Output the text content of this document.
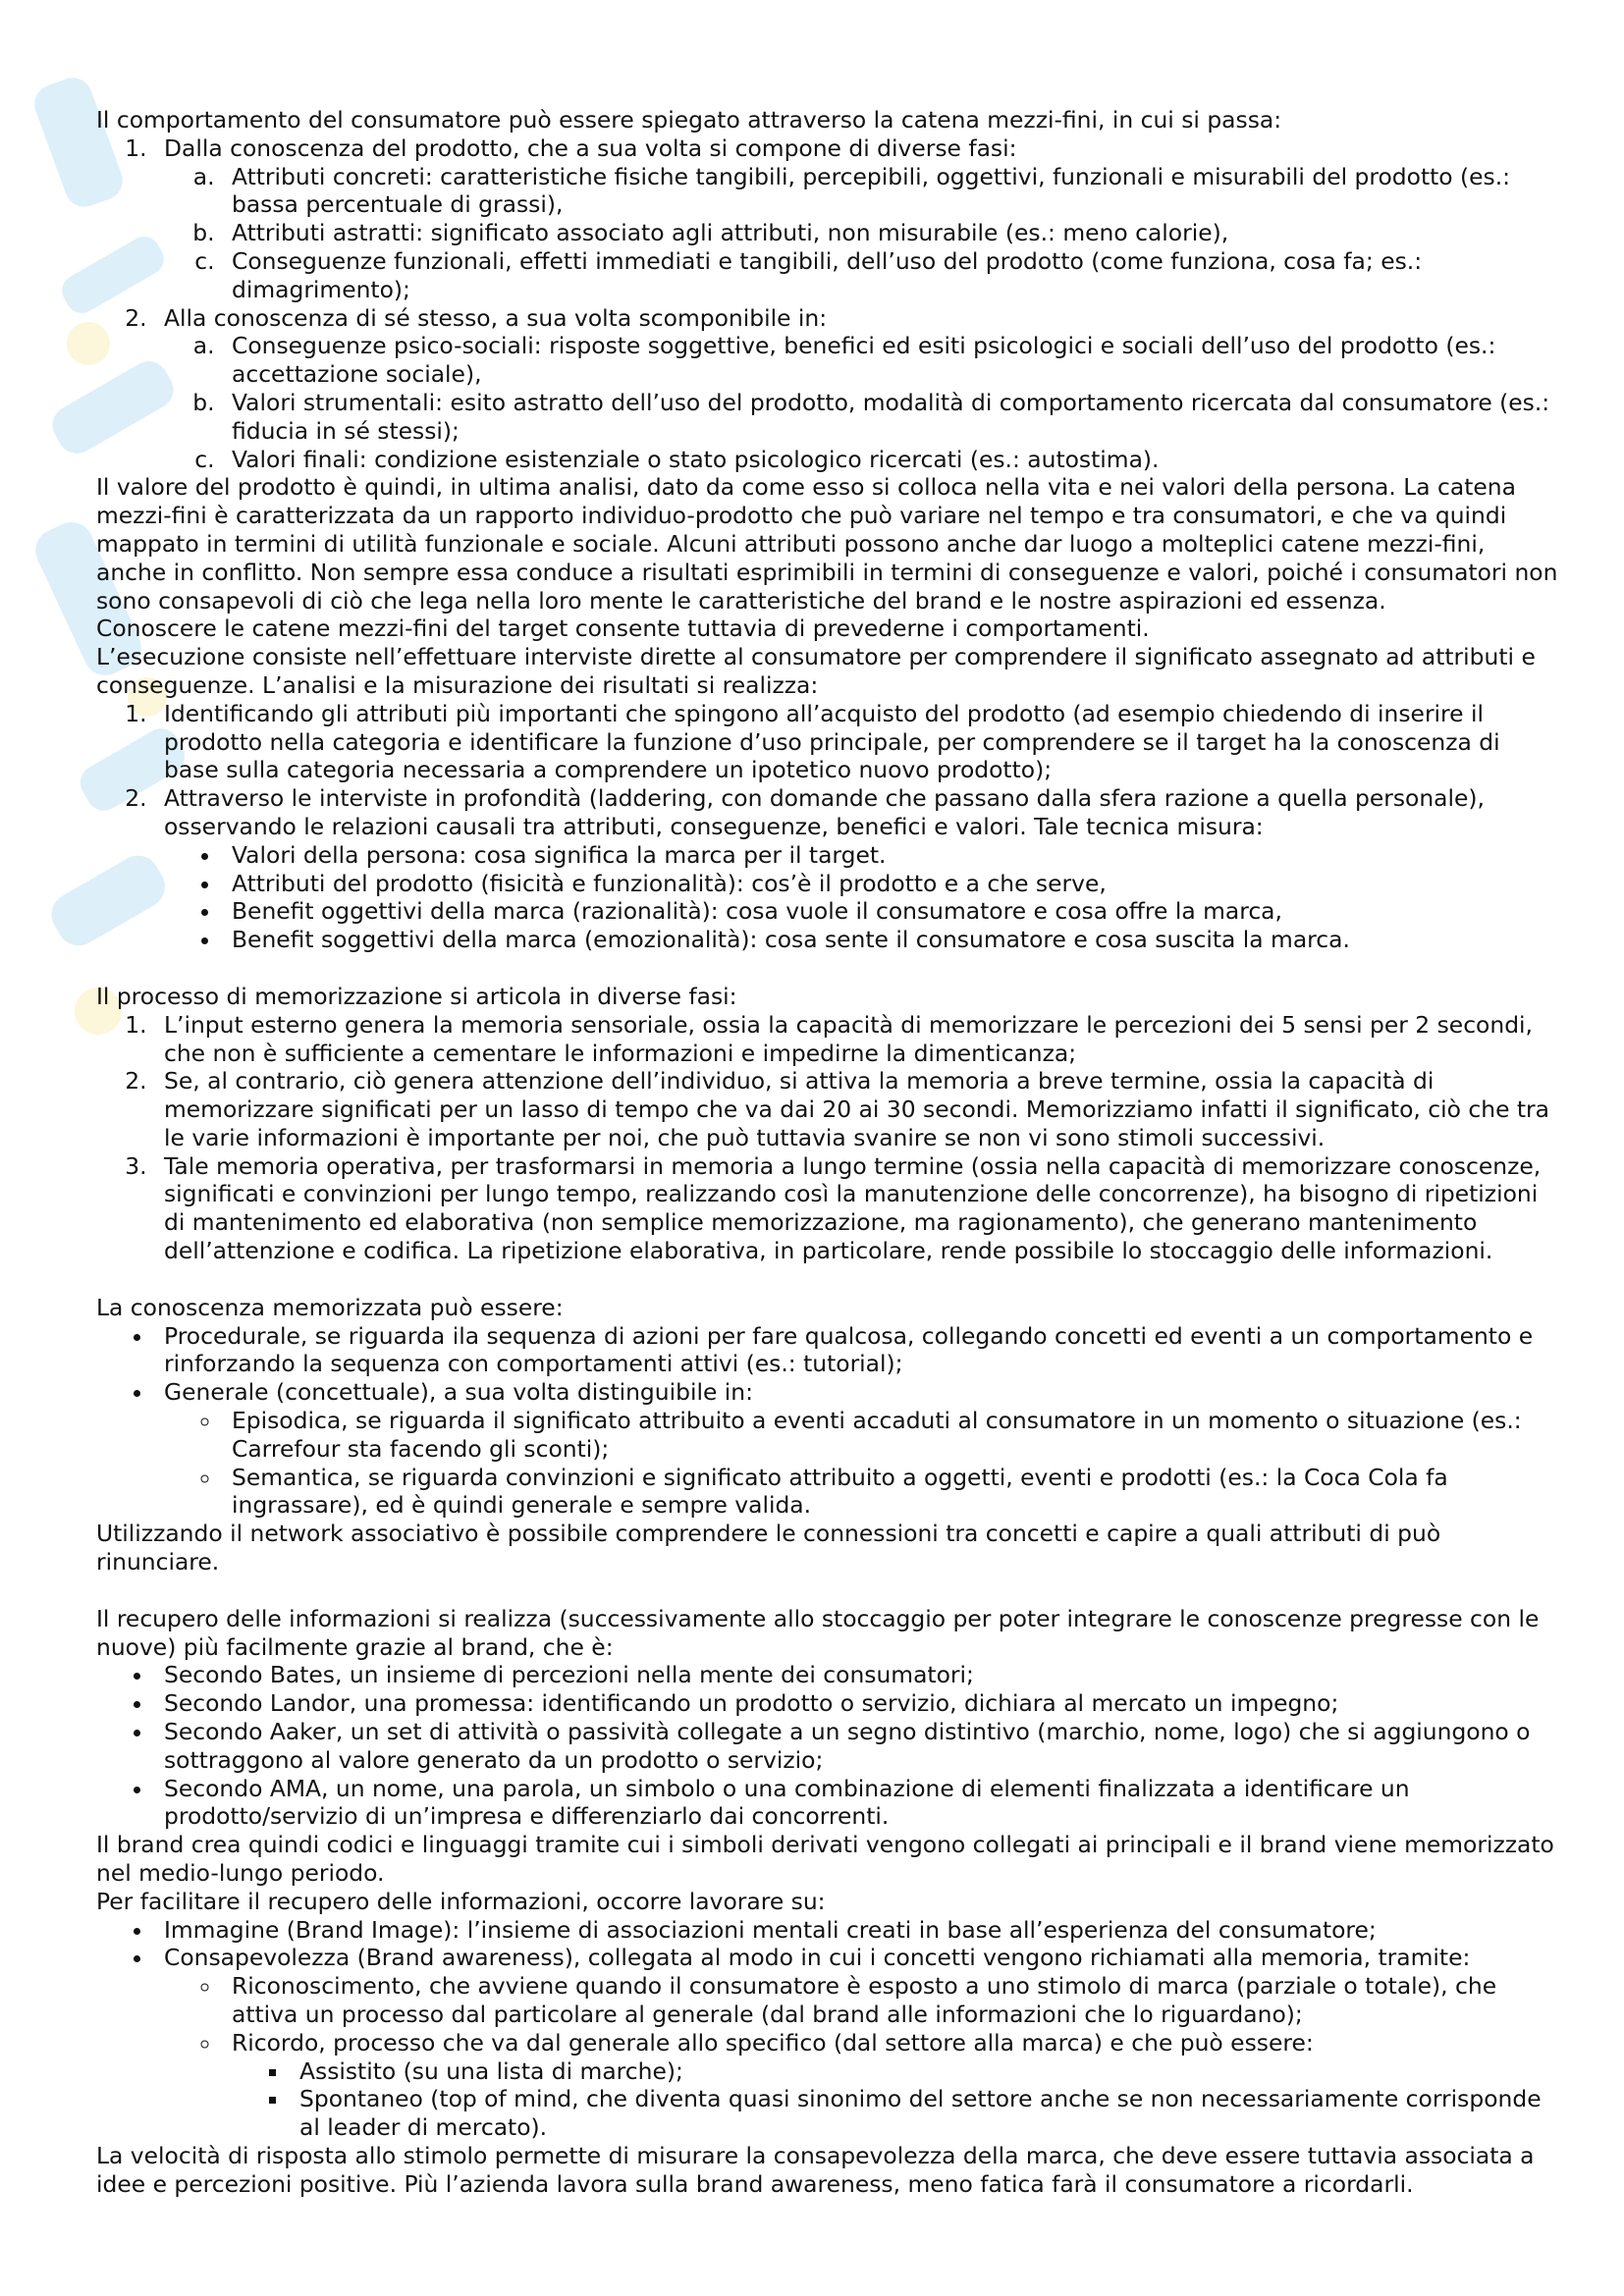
Il comportamento del consumatore può essere spiegato attraverso la catena mezzi-fini, in cui si passa:

1. Dalla conoscenza del prodotto, che a sua volta si compone di diverse fasi:
a. Attributi concreti: caratteristiche fisiche tangibili, percepibili, oggettivi, funzionali e misurabili del prodotto (es.: bassa percentuale di grassi),
b. Attributi astratti: significato associato agli attributi, non misurabile (es.: meno calorie),
c. Conseguenze funzionali, effetti immediati e tangibili, dell’uso del prodotto (come funziona, cosa fa; es.: dimagrimento);
2. Alla conoscenza di sé stesso, a sua volta scomponibile in:
a. Conseguenze psico-sociali: risposte soggettive, benefici ed esiti psicologici e sociali dell’uso del prodotto (es.: accettazione sociale),
b. Valori strumentali: esito astratto dell’uso del prodotto, modalità di comportamento ricercata dal consumatore (es.: fiducia in sé stessi);
c. Valori finali: condizione esistenziale o stato psicologico ricercati (es.: autostima).

Il valore del prodotto è quindi, in ultima analisi, dato da come esso si colloca nella vita e nei valori della persona. La catena mezzi-fini è caratterizzata da un rapporto individuo-prodotto che può variare nel tempo e tra consumatori, e che va quindi mappato in termini di utilità funzionale e sociale. Alcuni attributi possono anche dar luogo a molteplici catene mezzi-fini, anche in conflitto. Non sempre essa conduce a risultati esprimibili in termini di conseguenze e valori, poiché i consumatori non sono consapevoli di ciò che lega nella loro mente le caratteristiche del brand e le nostre aspirazioni ed essenza.

Conoscere le catene mezzi-fini del target consente tuttavia di prevederne i comportamenti.

L’esecuzione consiste nell’effettuare interviste dirette al consumatore per comprendere il significato assegnato ad attributi e conseguenze. L’analisi e la misurazione dei risultati si realizza:

1. Identificando gli attributi più importanti che spingono all’acquisto del prodotto (ad esempio chiedendo di inserire il prodotto nella categoria e identificare la funzione d’uso principale, per comprendere se il target ha la conoscenza di base sulla categoria necessaria a comprendere un ipotetico nuovo prodotto);
2. Attraverso le interviste in profondità (laddering, con domande che passano dalla sfera razione a quella personale), osservando le relazioni causali tra attributi, conseguenze, benefici e valori. Tale tecnica misura:
• Valori della persona: cosa significa la marca per il target.
• Attributi del prodotto (fisicità e funzionalità): cos’è il prodotto e a che serve,
• Benefit oggettivi della marca (razionalità): cosa vuole il consumatore e cosa offre la marca,
• Benefit soggettivi della marca (emozionalità): cosa sente il consumatore e cosa suscita la marca.

Il processo di memorizzazione si articola in diverse fasi:

1. L’input esterno genera la memoria sensoriale, ossia la capacità di memorizzare le percezioni dei 5 sensi per 2 secondi, che non è sufficiente a cementare le informazioni e impedirne la dimenticanza;
2. Se, al contrario, ciò genera attenzione dell’individuo, si attiva la memoria a breve termine, ossia la capacità di memorizzare significati per un lasso di tempo che va dai 20 ai 30 secondi. Memorizziamo infatti il significato, ciò che tra le varie informazioni è importante per noi, che può tuttavia svanire se non vi sono stimoli successivi.
3. Tale memoria operativa, per trasformarsi in memoria a lungo termine (ossia nella capacità di memorizzare conoscenze, significati e convinzioni per lungo tempo, realizzando così la manutenzione delle concorrenze), ha bisogno di ripetizioni di mantenimento ed elaborativa (non semplice memorizzazione, ma ragionamento), che generano mantenimento dell’attenzione e codifica. La ripetizione elaborativa, in particolare, rende possibile lo stoccaggio delle informazioni.

La conoscenza memorizzata può essere:

• Procedurale, se riguarda ila sequenza di azioni per fare qualcosa, collegando concetti ed eventi a un comportamento e rinforzando la sequenza con comportamenti attivi (es.: tutorial);
• Generale (concettuale), a sua volta distinguibile in:
◦ Episodica, se riguarda il significato attribuito a eventi accaduti al consumatore in un momento o situazione (es.: Carrefour sta facendo gli sconti);
◦ Semantica, se riguarda convinzioni e significato attribuito a oggetti, eventi e prodotti (es.: la Coca Cola fa ingrassare), ed è quindi generale e sempre valida.

Utilizzando il network associativo è possibile comprendere le connessioni tra concetti e capire a quali attributi di può rinunciare.

Il recupero delle informazioni si realizza (successivamente allo stoccaggio per poter integrare le conoscenze pregresse con le nuove) più facilmente grazie al brand, che è:

• Secondo Bates, un insieme di percezioni nella mente dei consumatori;
• Secondo Landor, una promessa: identificando un prodotto o servizio, dichiara al mercato un impegno;
• Secondo Aaker, un set di attività o passività collegate a un segno distintivo (marchio, nome, logo) che si aggiungono o sottraggono al valore generato da un prodotto o servizio;
• Secondo AMA, un nome, una parola, un simbolo o una combinazione di elementi finalizzata a identificare un prodotto/servizio di un’impresa e differenziarlo dai concorrenti.

Il brand crea quindi codici e linguaggi tramite cui i simboli derivati vengono collegati ai principali e il brand viene memorizzato nel medio-lungo periodo.

Per facilitare il recupero delle informazioni, occorre lavorare su:

• Immagine (Brand Image): l’insieme di associazioni mentali creati in base all’esperienza del consumatore;
• Consapevolezza (Brand awareness), collegata al modo in cui i concetti vengono richiamati alla memoria, tramite:
◦ Riconoscimento, che avviene quando il consumatore è esposto a uno stimolo di marca (parziale o totale), che attiva un processo dal particolare al generale (dal brand alle informazioni che lo riguardano);
◦ Ricordo, processo che va dal generale allo specifico (dal settore alla marca) e che può essere:
▪ Assistito (su una lista di marche);
▪ Spontaneo (top of mind, che diventa quasi sinonimo del settore anche se non necessariamente corrisponde al leader di mercato).

La velocità di risposta allo stimolo permette di misurare la consapevolezza della marca, che deve essere tuttavia associata a idee e percezioni positive. Più l’azienda lavora sulla brand awareness, meno fatica farà il consumatore a ricordarli.
